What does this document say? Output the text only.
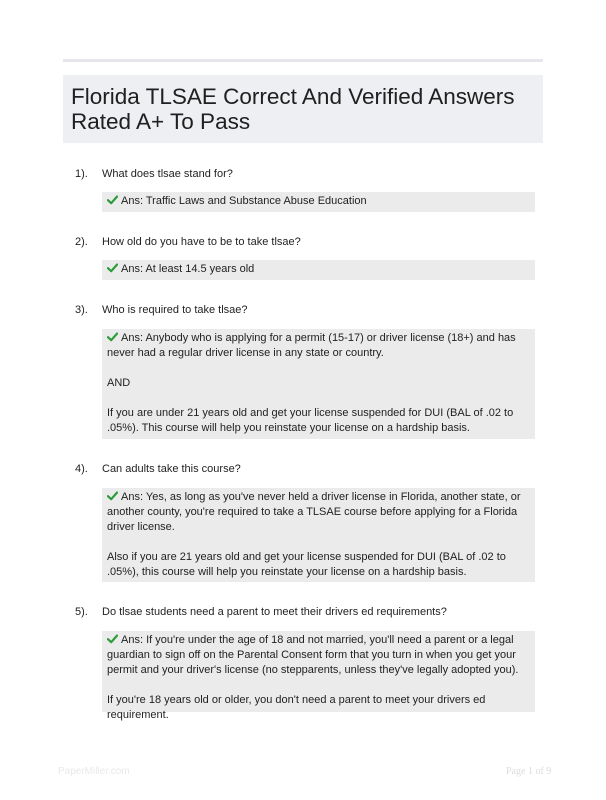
Florida TLSAE Correct And Verified Answers
Rated A+ To Pass
1). What does tlsae stand for?

Ans: Traffic Laws and Substance Abuse Education

2). How old do you have to be to take tlsae?

Ans: At least 14.5 years old

3). Who is required to take tlsae?

Ans: Anybody who is applying for a permit (15-17) or driver license (18+) and has never had a regular driver license in any state or country.

AND

If you are under 21 years old and get your license suspended for DUI (BAL of .02 to .05%). This course will help you reinstate your license on a hardship basis.

4). Can adults take this course?

Ans: Yes, as long as you've never held a driver license in Florida, another state, or another county, you're required to take a TLSAE course before applying for a Florida driver license.

Also if you are 21 years old and get your license suspended for DUI (BAL of .02 to .05%), this course will help you reinstate your license on a hardship basis.

5). Do tlsae students need a parent to meet their drivers ed requirements?

Ans: If you're under the age of 18 and not married, you'll need a parent or a legal guardian to sign off on the Parental Consent form that you turn in when you get your permit and your driver's license (no stepparents, unless they've legally adopted you).

If you're 18 years old or older, you don't need a parent to meet your drivers ed requirement.

PaperMiller.com	Page 1 of 9
